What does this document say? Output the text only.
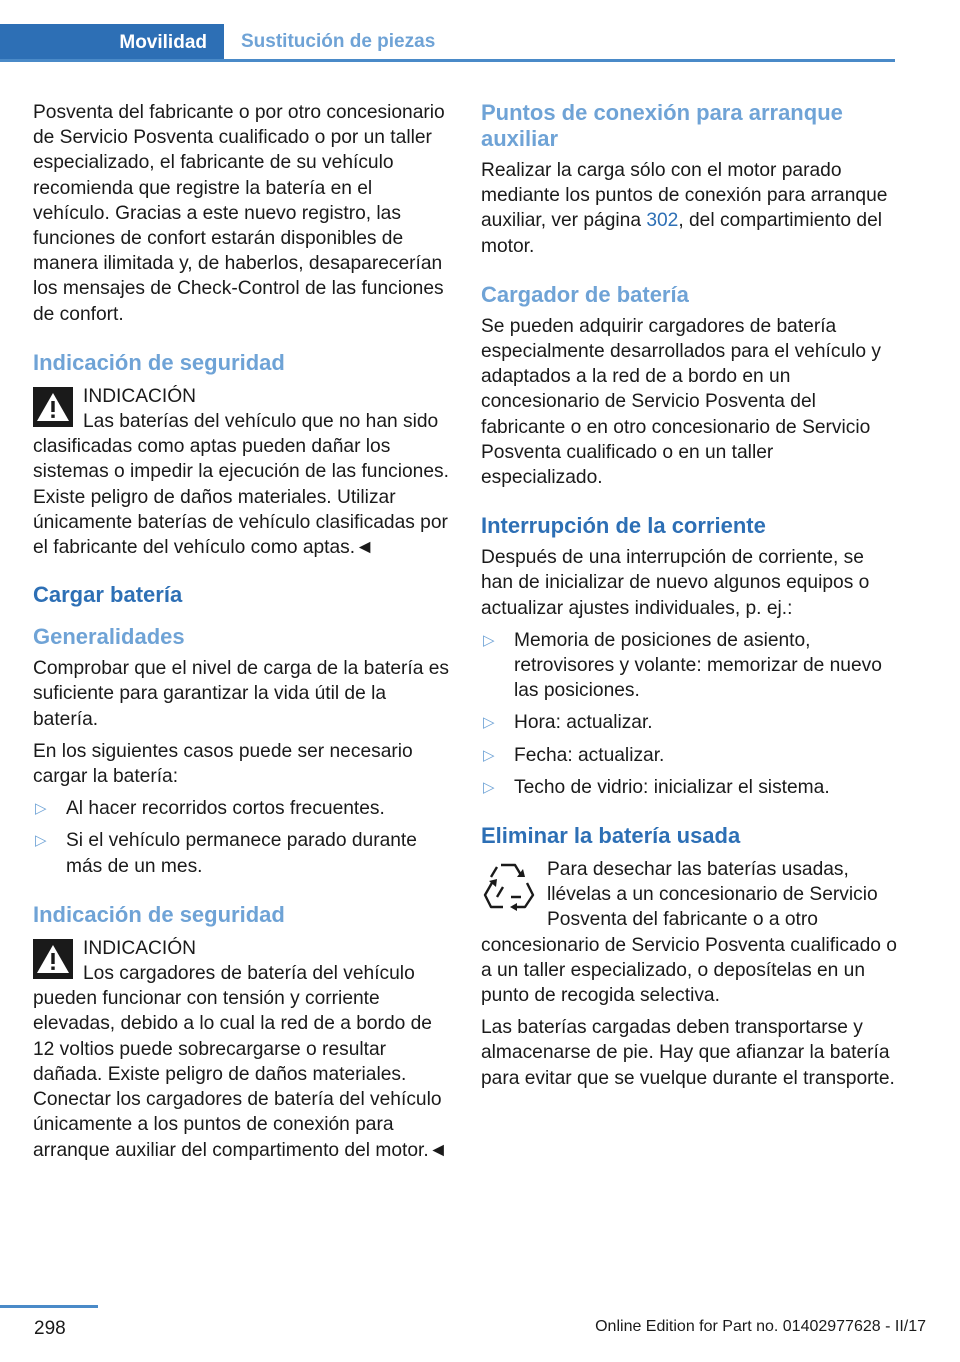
Movilidad	Sustitución de piezas

Posventa del fabricante o por otro concesionario de Servicio Posventa cualificado o por un taller especializado, el fabricante de su vehículo recomienda que registre la batería en el vehículo. Gracias a este nuevo registro, las funciones de confort estarán disponibles de manera ilimitada y, de haberlos, desaparecerían los mensajes de Check-Control de las funciones de confort.

Indicación de seguridad
INDICACIÓN
Las baterías del vehículo que no han sido clasificadas como aptas pueden dañar los sistemas o impedir la ejecución de las funciones. Existe peligro de daños materiales. Utilizar únicamente baterías de vehículo clasificadas por el fabricante del vehículo como aptas.◄
Cargar batería
Generalidades

Comprobar que el nivel de carga de la batería es suficiente para garantizar la vida útil de la batería.

En los siguientes casos puede ser necesario cargar la batería:

▷ Al hacer recorridos cortos frecuentes.
▷ Si el vehículo permanece parado durante más de un mes.
Indicación de seguridad
INDICACIÓN
Los cargadores de batería del vehículo pueden funcionar con tensión y corriente elevadas, debido a lo cual la red de a bordo de 12 voltios puede sobrecargarse o resultar dañada. Existe peligro de daños materiales. Conectar los cargadores de batería del vehículo únicamente a los puntos de conexión para arranque auxiliar del compartimento del motor.◄
Puntos de conexión para arranque auxiliar

Realizar la carga sólo con el motor parado mediante los puntos de conexión para arranque auxiliar, ver página 302, del compartimiento del motor.

Cargador de batería

Se pueden adquirir cargadores de batería especialmente desarrollados para el vehículo y adaptados a la red de a bordo en un concesionario de Servicio Posventa del fabricante o en otro concesionario de Servicio Posventa cualificado o en un taller especializado.

Interrupción de la corriente

Después de una interrupción de corriente, se han de inicializar de nuevo algunos equipos o actualizar ajustes individuales, p. ej.:

▷ Memoria de posiciones de asiento, retrovisores y volante: memorizar de nuevo las posiciones.
▷ Hora: actualizar.
▷ Fecha: actualizar.
▷ Techo de vidrio: inicializar el sistema.
Eliminar la batería usada

Para desechar las baterías usadas, llévelas a un concesionario de Servicio Posventa del fabricante o a otro concesionario de Servicio Posventa cualificado o a un taller especializado, o deposítelas en un punto de recogida selectiva.

Las baterías cargadas deben transportarse y almacenarse de pie. Hay que afianzar la batería para evitar que se vuelque durante el transporte.

298	Online Edition for Part no. 01402977628 - II/17
